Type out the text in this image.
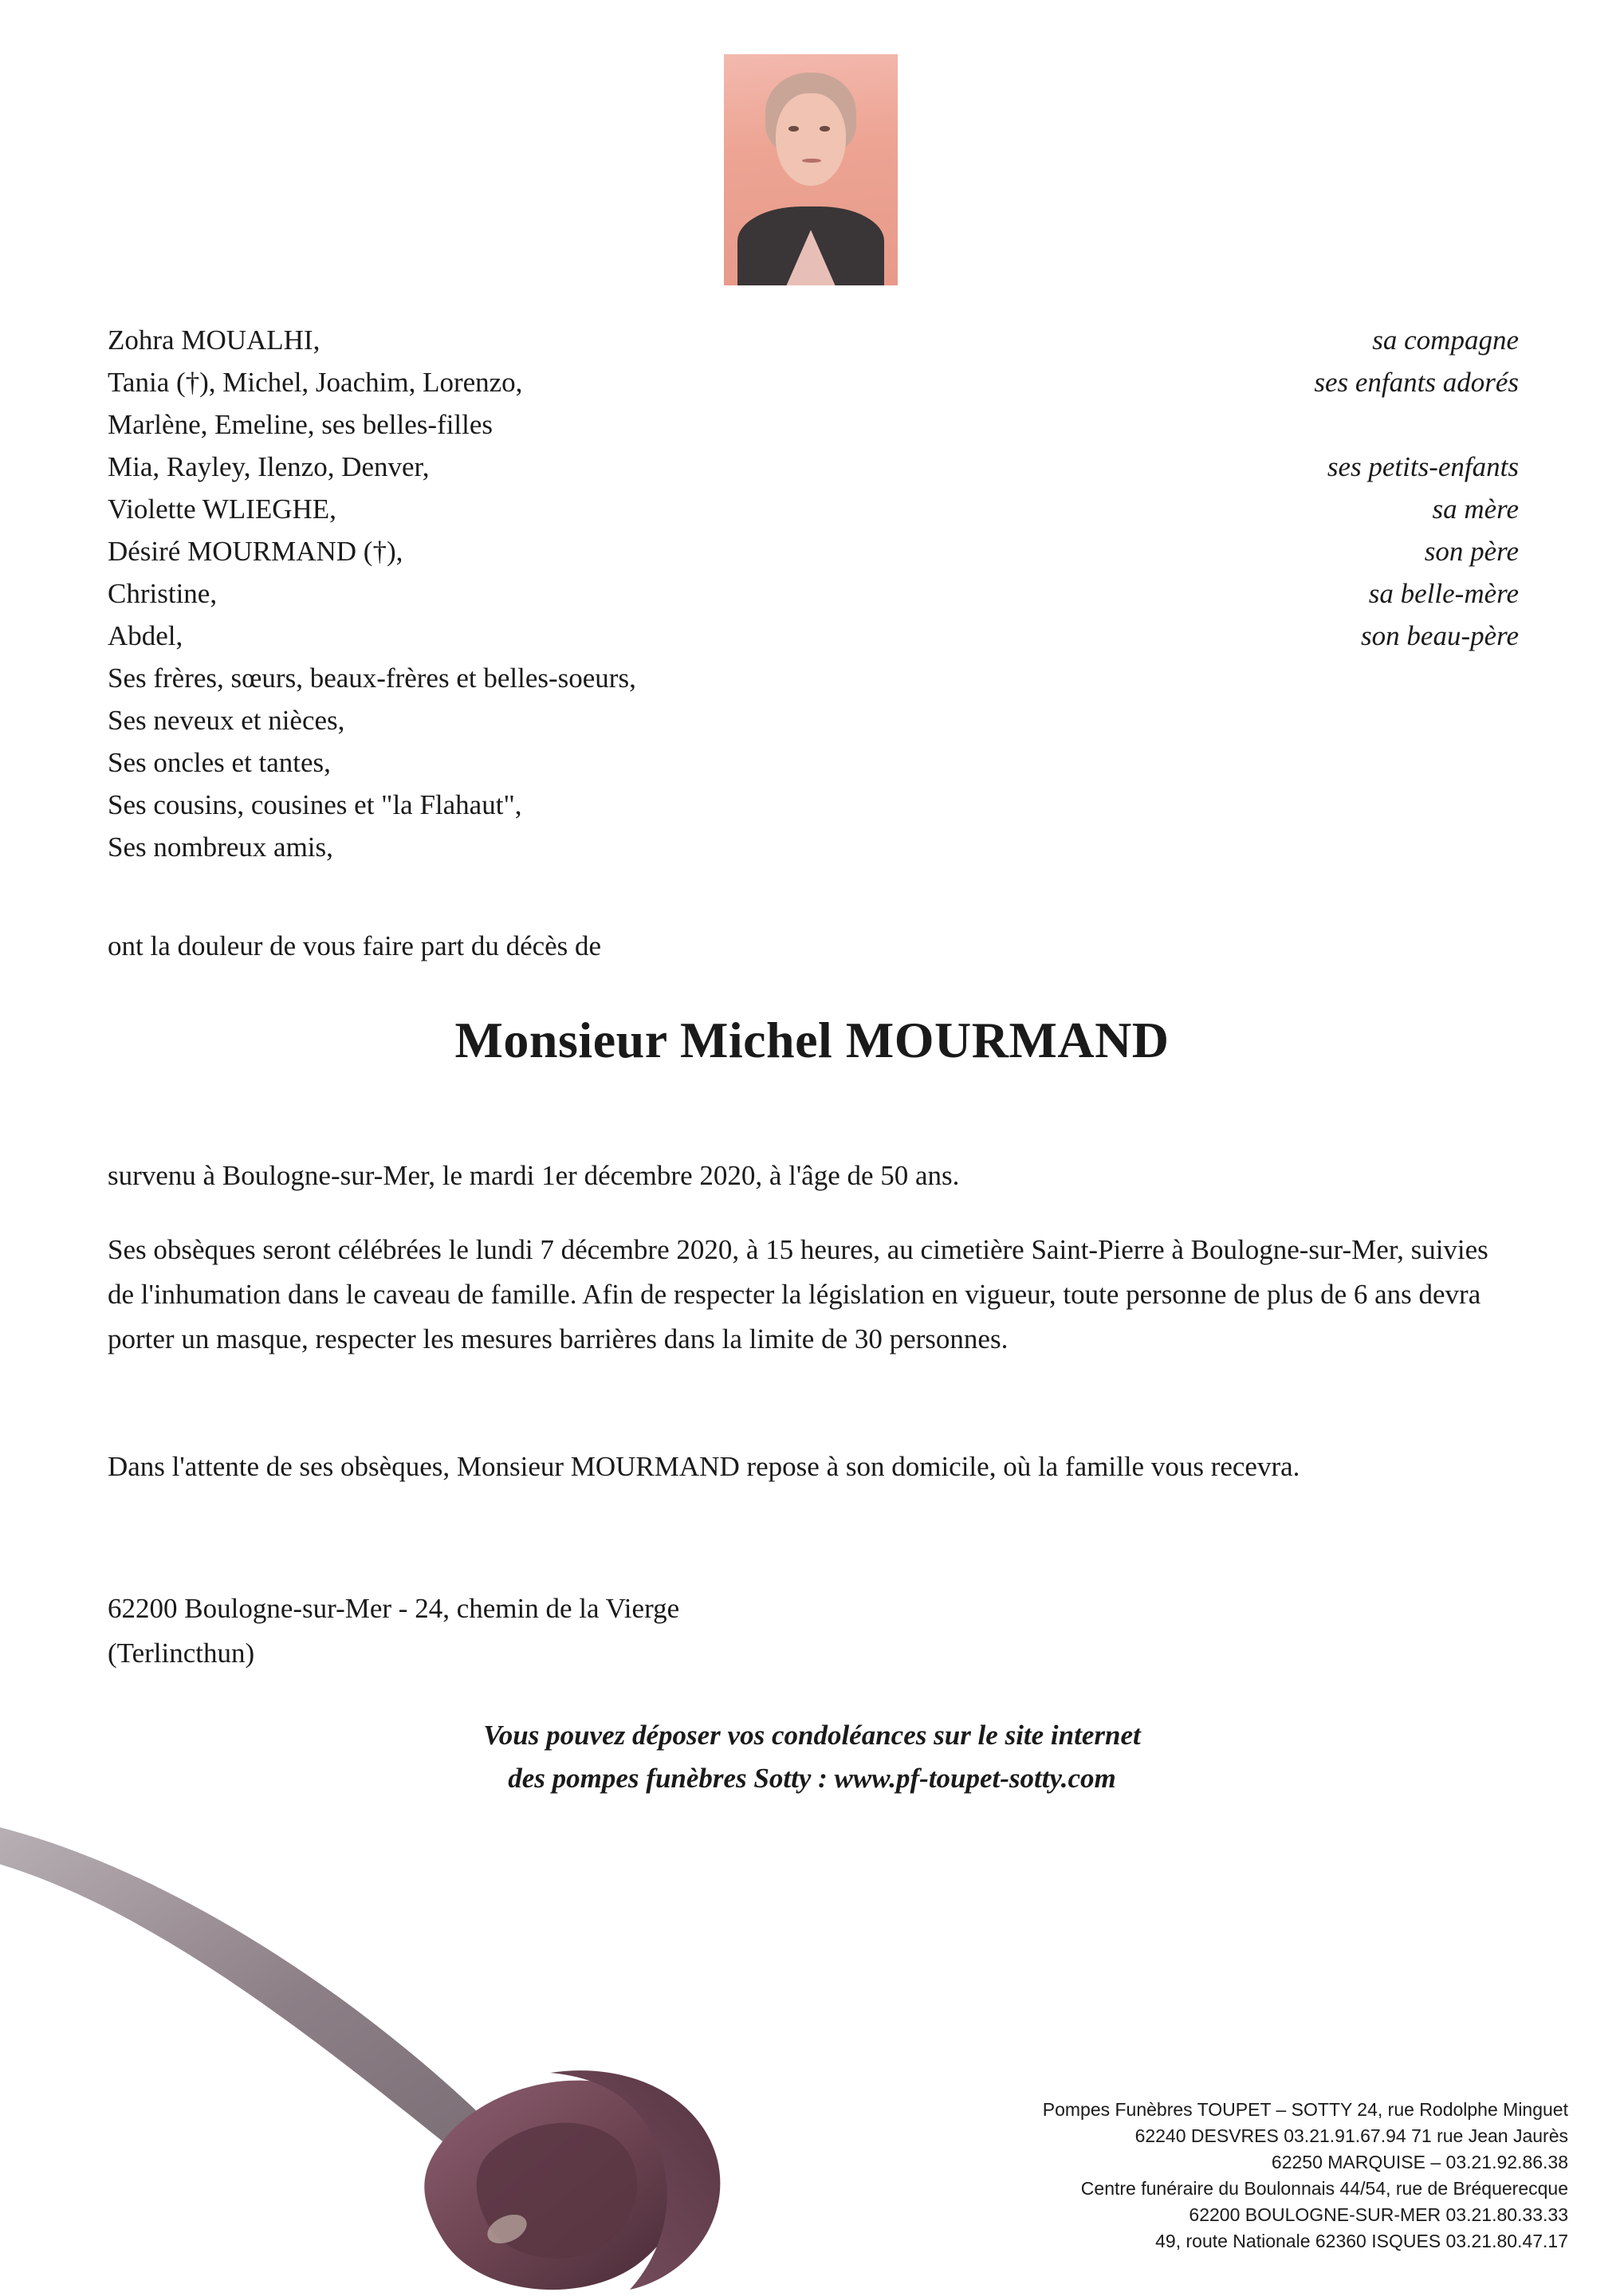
Zohra MOUALHI,	sa compagne
Tania (†), Michel, Joachim, Lorenzo,	ses enfants adorés
Marlène, Emeline, ses belles-filles
Mia, Rayley, Ilenzo, Denver,	ses petits-enfants
Violette WLIEGHE,	sa mère
Désiré MOURMAND (†),	son père
Christine,	sa belle-mère
Abdel,	son beau-père
Ses frères, sœurs, beaux-frères et belles-soeurs,
Ses neveux et nièces,
Ses oncles et tantes,
Ses cousins, cousines et "la Flahaut",
Ses nombreux amis,
ont la douleur de vous faire part du décès de
Monsieur Michel MOURMAND
survenu à Boulogne-sur-Mer, le mardi 1er décembre 2020, à l'âge de 50 ans.
Ses obsèques seront célébrées le lundi 7 décembre 2020, à 15 heures, au cimetière Saint-Pierre à Boulogne-sur-Mer, suivies de l'inhumation dans le caveau de famille. Afin de respecter la législation en vigueur, toute personne de plus de 6 ans devra porter un masque, respecter les mesures barrières dans la limite de 30 personnes.
Dans l'attente de ses obsèques, Monsieur MOURMAND repose à son domicile, où la famille vous recevra.
62200 Boulogne-sur-Mer - 24, chemin de la Vierge
(Terlincthun)
Vous pouvez déposer vos condoléances sur le site internet
des pompes funèbres Sotty : www.pf-toupet-sotty.com
Pompes Funèbres TOUPET – SOTTY 24, rue Rodolphe Minguet
62240 DESVRES 03.21.91.67.94 71 rue Jean Jaurès
62250 MARQUISE – 03.21.92.86.38
Centre funéraire du Boulonnais 44/54, rue de Bréquerecque
62200 BOULOGNE-SUR-MER 03.21.80.33.33
49, route Nationale 62360 ISQUES 03.21.80.47.17
